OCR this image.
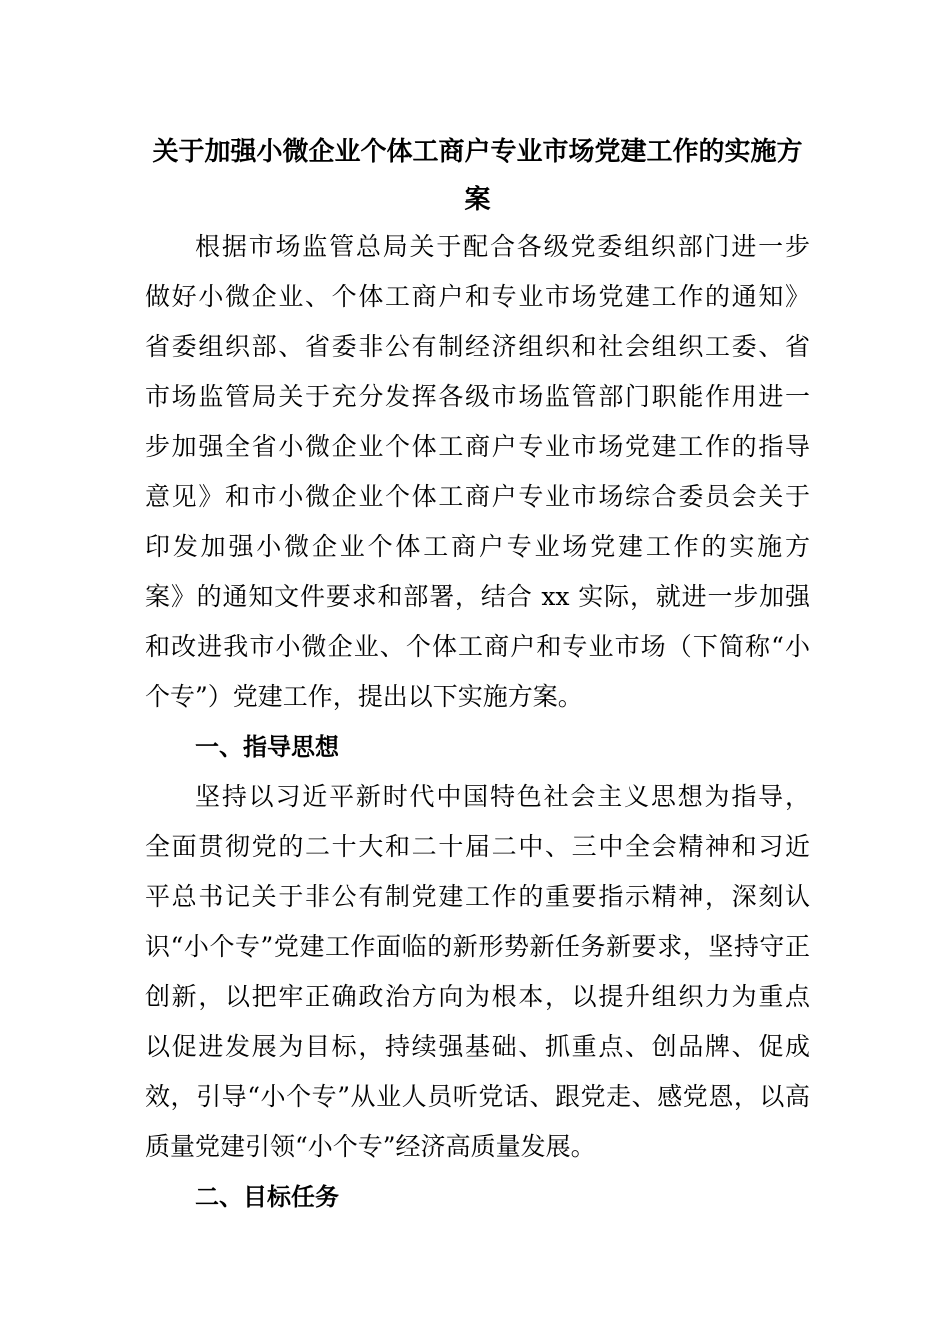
关于加强小微企业个体工商户专业市场党建工作的实施方案

根据市场监管总局关于配合各级党委组织部门进一步

做好小微企业、个体工商户和专业市场党建工作的通知》

省委组织部、省委非公有制经济组织和社会组织工委、省

市场监管局关于充分发挥各级市场监管部门职能作用进一

步加强全省小微企业个体工商户专业市场党建工作的指导

意见》和市小微企业个体工商户专业市场综合委员会关于

印发加强小微企业个体工商户专业场党建工作的实施方

案》的通知文件要求和部署，结合 xx 实际，就进一步加强

和改进我市小微企业、个体工商户和专业市场（下简称“小

个专”）党建工作，提出以下实施方案。

一、指导思想

坚持以习近平新时代中国特色社会主义思想为指导，

全面贯彻党的二十大和二十届二中、三中全会精神和习近

平总书记关于非公有制党建工作的重要指示精神，深刻认

识“小个专”党建工作面临的新形势新任务新要求，坚持守正

创新，以把牢正确政治方向为根本，以提升组织力为重点

以促进发展为目标，持续强基础、抓重点、创品牌、促成

效，引导“小个专”从业人员听党话、跟党走、感党恩，以高

质量党建引领“小个专”经济高质量发展。

二、目标任务
